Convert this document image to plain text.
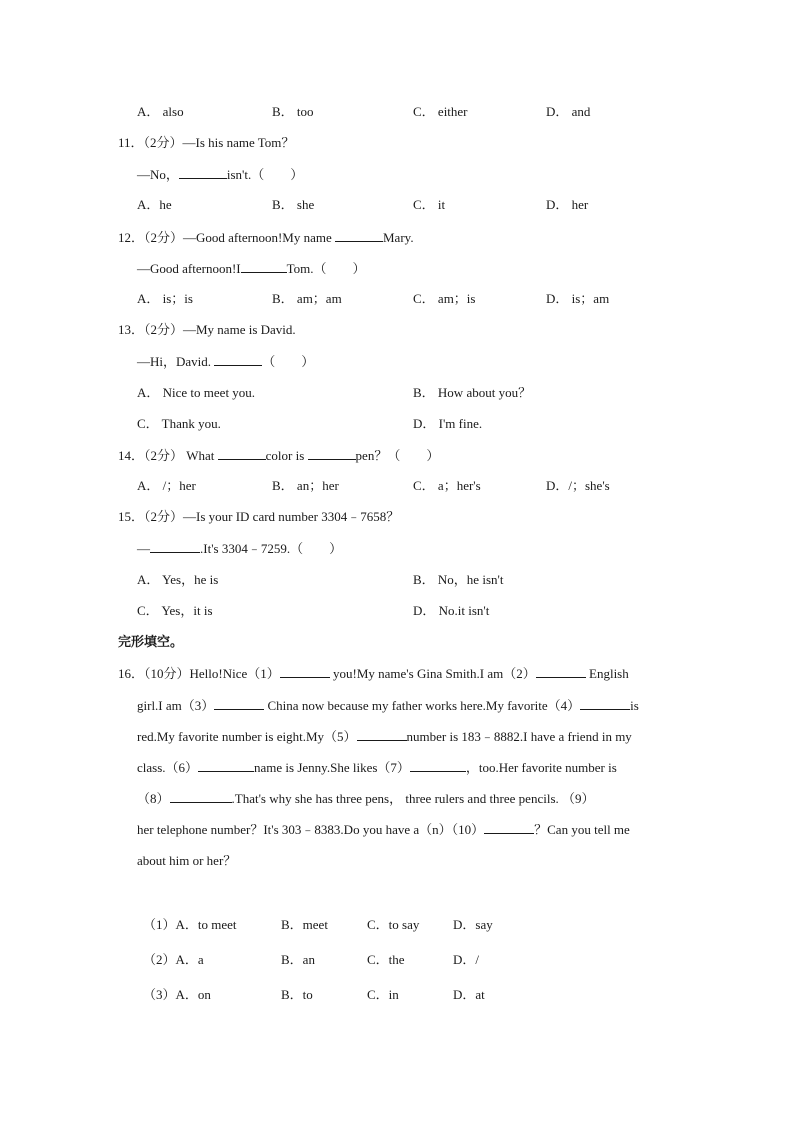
A． also	B． too	C． either	D． and
11．（2分）—Is his name Tom？
—No，	isn't.（　　）
A．he	B． she	C． it	D． her
12．（2分）—Good afternoon!My name	Mary.
—Good afternoon!I	Tom.（　　）
A． is；is	B． am；am	C． am；is	D． is；am
13．（2分）—My name is David.
—Hi，David.	（　　）
A． Nice to meet you.	B． How about you？
C． Thank you.	D． I'm fine.
14．（2分） What	color is	pen？（　　）
A． /；her	B． an；her	C． a；her's	D．/；she's
15．（2分）—Is your ID card number 3304﹣7658？
—	.It's 3304﹣7259.（　　）
A． Yes，he is	B． No，he isn't
C． Yes，it is	D． No.it isn't
完形填空。
16．（10分）Hello!Nice（1）	you!My name's Gina Smith.I am（2）	English
girl.I am（3）	China now because my father works here.My favorite（4）	is
red.My favorite number is eight.My（5）	number is 183﹣8882.I have a friend in my
class.（6）	name is Jenny.She likes（7）	，too.Her favorite number is
（8）	.That's why she has three pens， three rulers and three pencils. （9）
her telephone number？It's 303﹣8383.Do you have a（n）（10）	？Can you tell me
about him or her？
（1）A．to meet	B．meet	C．to say	D．say
（2）A．a	B．an	C．the	D．/
（3）A．on	B．to	C．in	D．at
